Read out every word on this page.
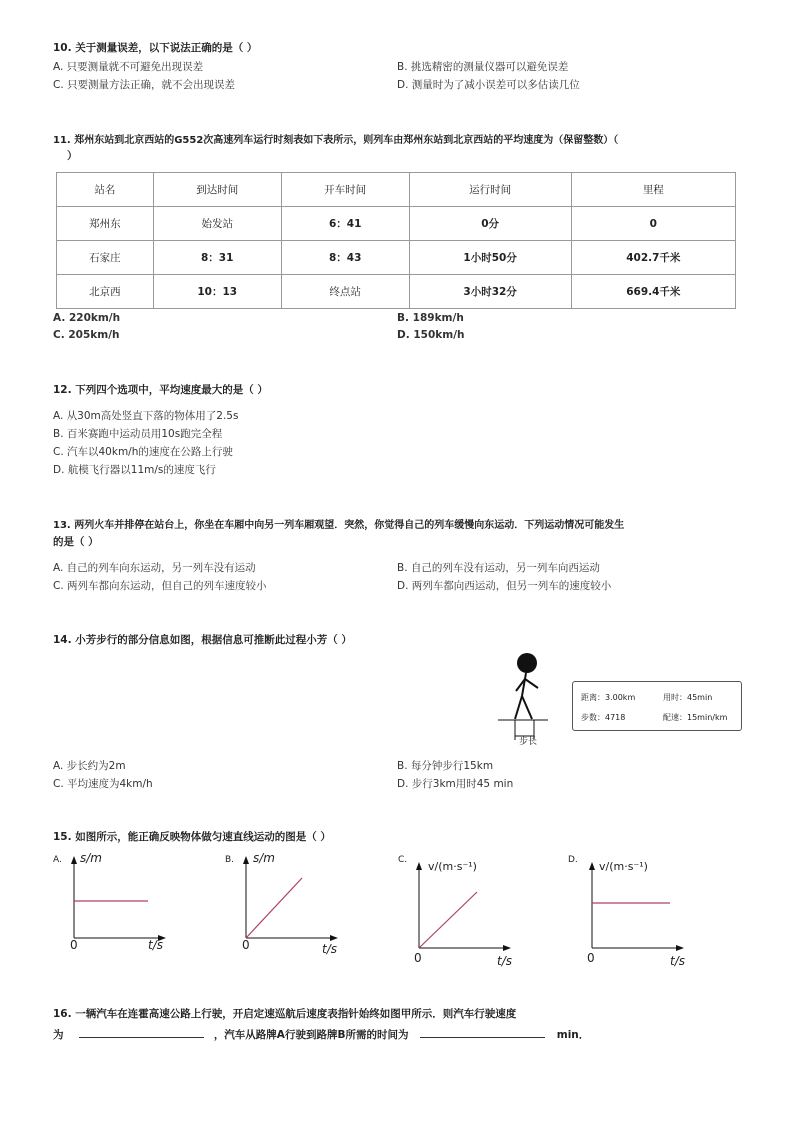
10. 关于测量误差，以下说法正确的是（ ）
A. 只要测量就不可避免出现误差	B. 挑选精密的测量仪器可以避免误差
C. 只要测量方法正确，就不会出现误差	D. 测量时为了减小误差可以多估读几位
11. 郑州东站到北京西站的G552次高速列车运行时刻表如下表所示，则列车由郑州东站到北京西站的平均速度为（保留整数）（
）
站名	到达时间	开车时间	运行时间	里程
郑州东	始发站	6：41	0分	0
石家庄	8：31	8：43	1小时50分	402.7千米
北京西	10：13	终点站	3小时32分	669.4千米
A. 220km/h	B. 189km/h
C. 205km/h	D. 150km/h
12. 下列四个选项中，平均速度最大的是（ ）
A. 从30m高处竖直下落的物体用了2.5s
B. 百米赛跑中运动员用10s跑完全程
C. 汽车以40km/h的速度在公路上行驶
D. 航模飞行器以11m/s的速度飞行
13. 两列火车并排停在站台上，你坐在车厢中向另一列车厢观望．突然，你觉得自己的列车缓慢向东运动．下列运动情况可能发生
的是（ ）
A. 自己的列车向东运动，另一列车没有运动	B. 自己的列车没有运动，另一列车向西运动
C. 两列车都向东运动，但自己的列车速度较小	D. 两列车都向西运动，但另一列车的速度较小
14. 小芳步行的部分信息如图，根据信息可推断此过程小芳（ ）
步长
距离：3.00km	用时：45min
步数：4718	配速：15min/km
A. 步长约为2m	B. 每分钟步行15km
C. 平均速度为4km/h	D. 步行3km用时45 min
15. 如图所示，能正确反映物体做匀速直线运动的图是（ ）
A. s/m
0	t/s
B. s/m
0	t/s
C. v/(m·s⁻¹)
0	t/s
D. v/(m·s⁻¹)
0	t/s
16. 一辆汽车在连霍高速公路上行驶，开启定速巡航后速度表指针始终如图甲所示．则汽车行驶速度
为	，汽车从路牌A行驶到路牌B所需的时间为	min．
